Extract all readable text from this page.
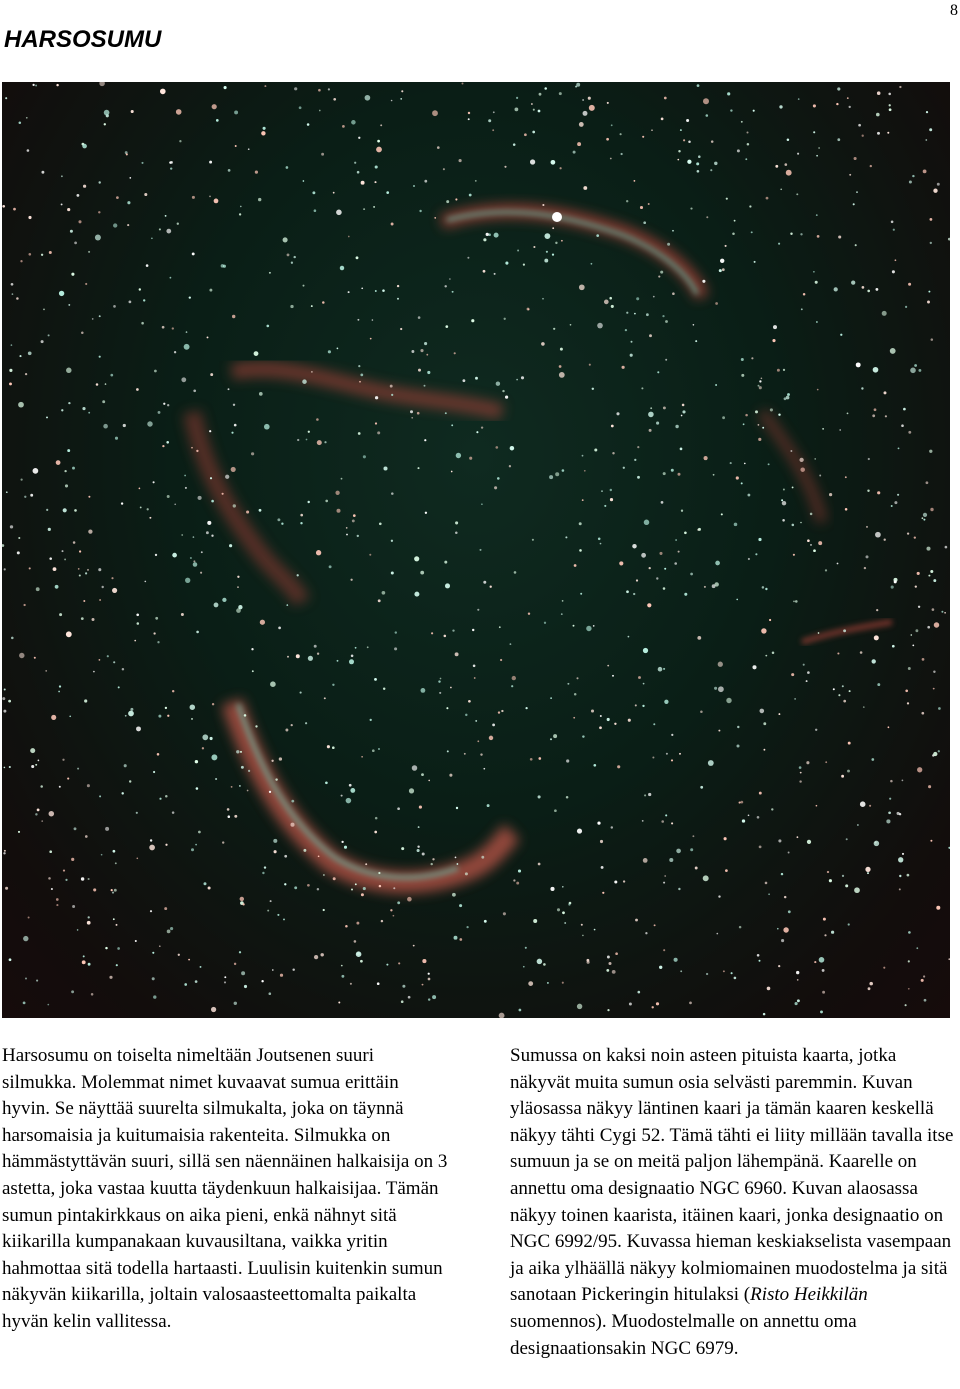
8
HARSOSUMU

Harsosumu on toiselta nimeltään Joutsenen suuri silmukka. Molemmat nimet kuvaavat sumua erittäin hyvin. Se näyttää suurelta silmukalta, joka on täynnä harsomaisia ja kuitumaisia rakenteita. Silmukka on hämmästyttävän suuri, sillä sen näennäinen halkaisija on 3 astetta, joka vastaa kuutta täydenkuun halkaisijaa. Tämän sumun pintakirkkaus on aika pieni, enkä nähnyt sitä kiikarilla kumpanakaan kuvausiltana, vaikka yritin hahmottaa sitä todella hartaasti. Luulisin kuitenkin sumun näkyvän kiikarilla, joltain valosaasteettomalta paikalta hyvän kelin vallitessa.

Sumussa on kaksi noin asteen pituista kaarta, jotka näkyvät muita sumun osia selvästi paremmin. Kuvan yläosassa näkyy läntinen kaari ja tämän kaaren keskellä näkyy tähti Cygi 52. Tämä tähti ei liity millään tavalla itse sumuun ja se on meitä paljon lähempänä. Kaarelle on annettu oma designaatio NGC 6960. Kuvan alaosassa näkyy toinen kaarista, itäinen kaari, jonka designaatio on NGC 6992/95. Kuvassa hieman keskiakselista vasempaan ja aika ylhäällä näkyy kolmiomainen muodostelma ja sitä sanotaan Pickeringin hitulaksi (Risto Heikkilän suomennos). Muodostelmalle on annettu oma designaationsakin NGC 6979.
